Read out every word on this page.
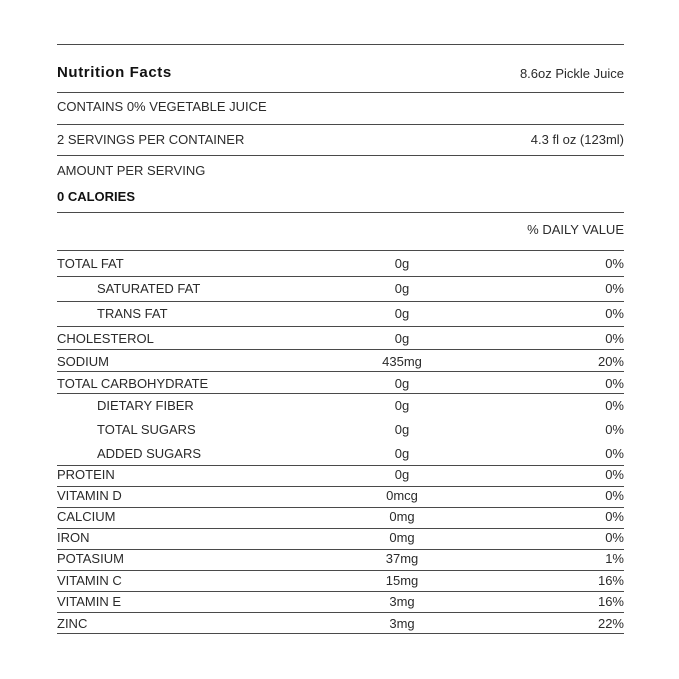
Nutrition Facts	8.6oz Pickle Juice
CONTAINS 0% VEGETABLE JUICE
2 SERVINGS PER CONTAINER	4.3 fl oz (123ml)
AMOUNT PER SERVING
0 CALORIES
% DAILY VALUE
TOTAL FAT	0g	0%
SATURATED FAT	0g	0%
TRANS FAT	0g	0%
CHOLESTEROL	0g	0%
SODIUM	435mg	20%
TOTAL CARBOHYDRATE	0g	0%
DIETARY FIBER	0g	0%
TOTAL SUGARS	0g	0%
ADDED SUGARS	0g	0%
PROTEIN	0g	0%
VITAMIN D	0mcg	0%
CALCIUM	0mg	0%
IRON	0mg	0%
POTASIUM	37mg	1%
VITAMIN C	15mg	16%
VITAMIN E	3mg	16%
ZINC	3mg	22%
